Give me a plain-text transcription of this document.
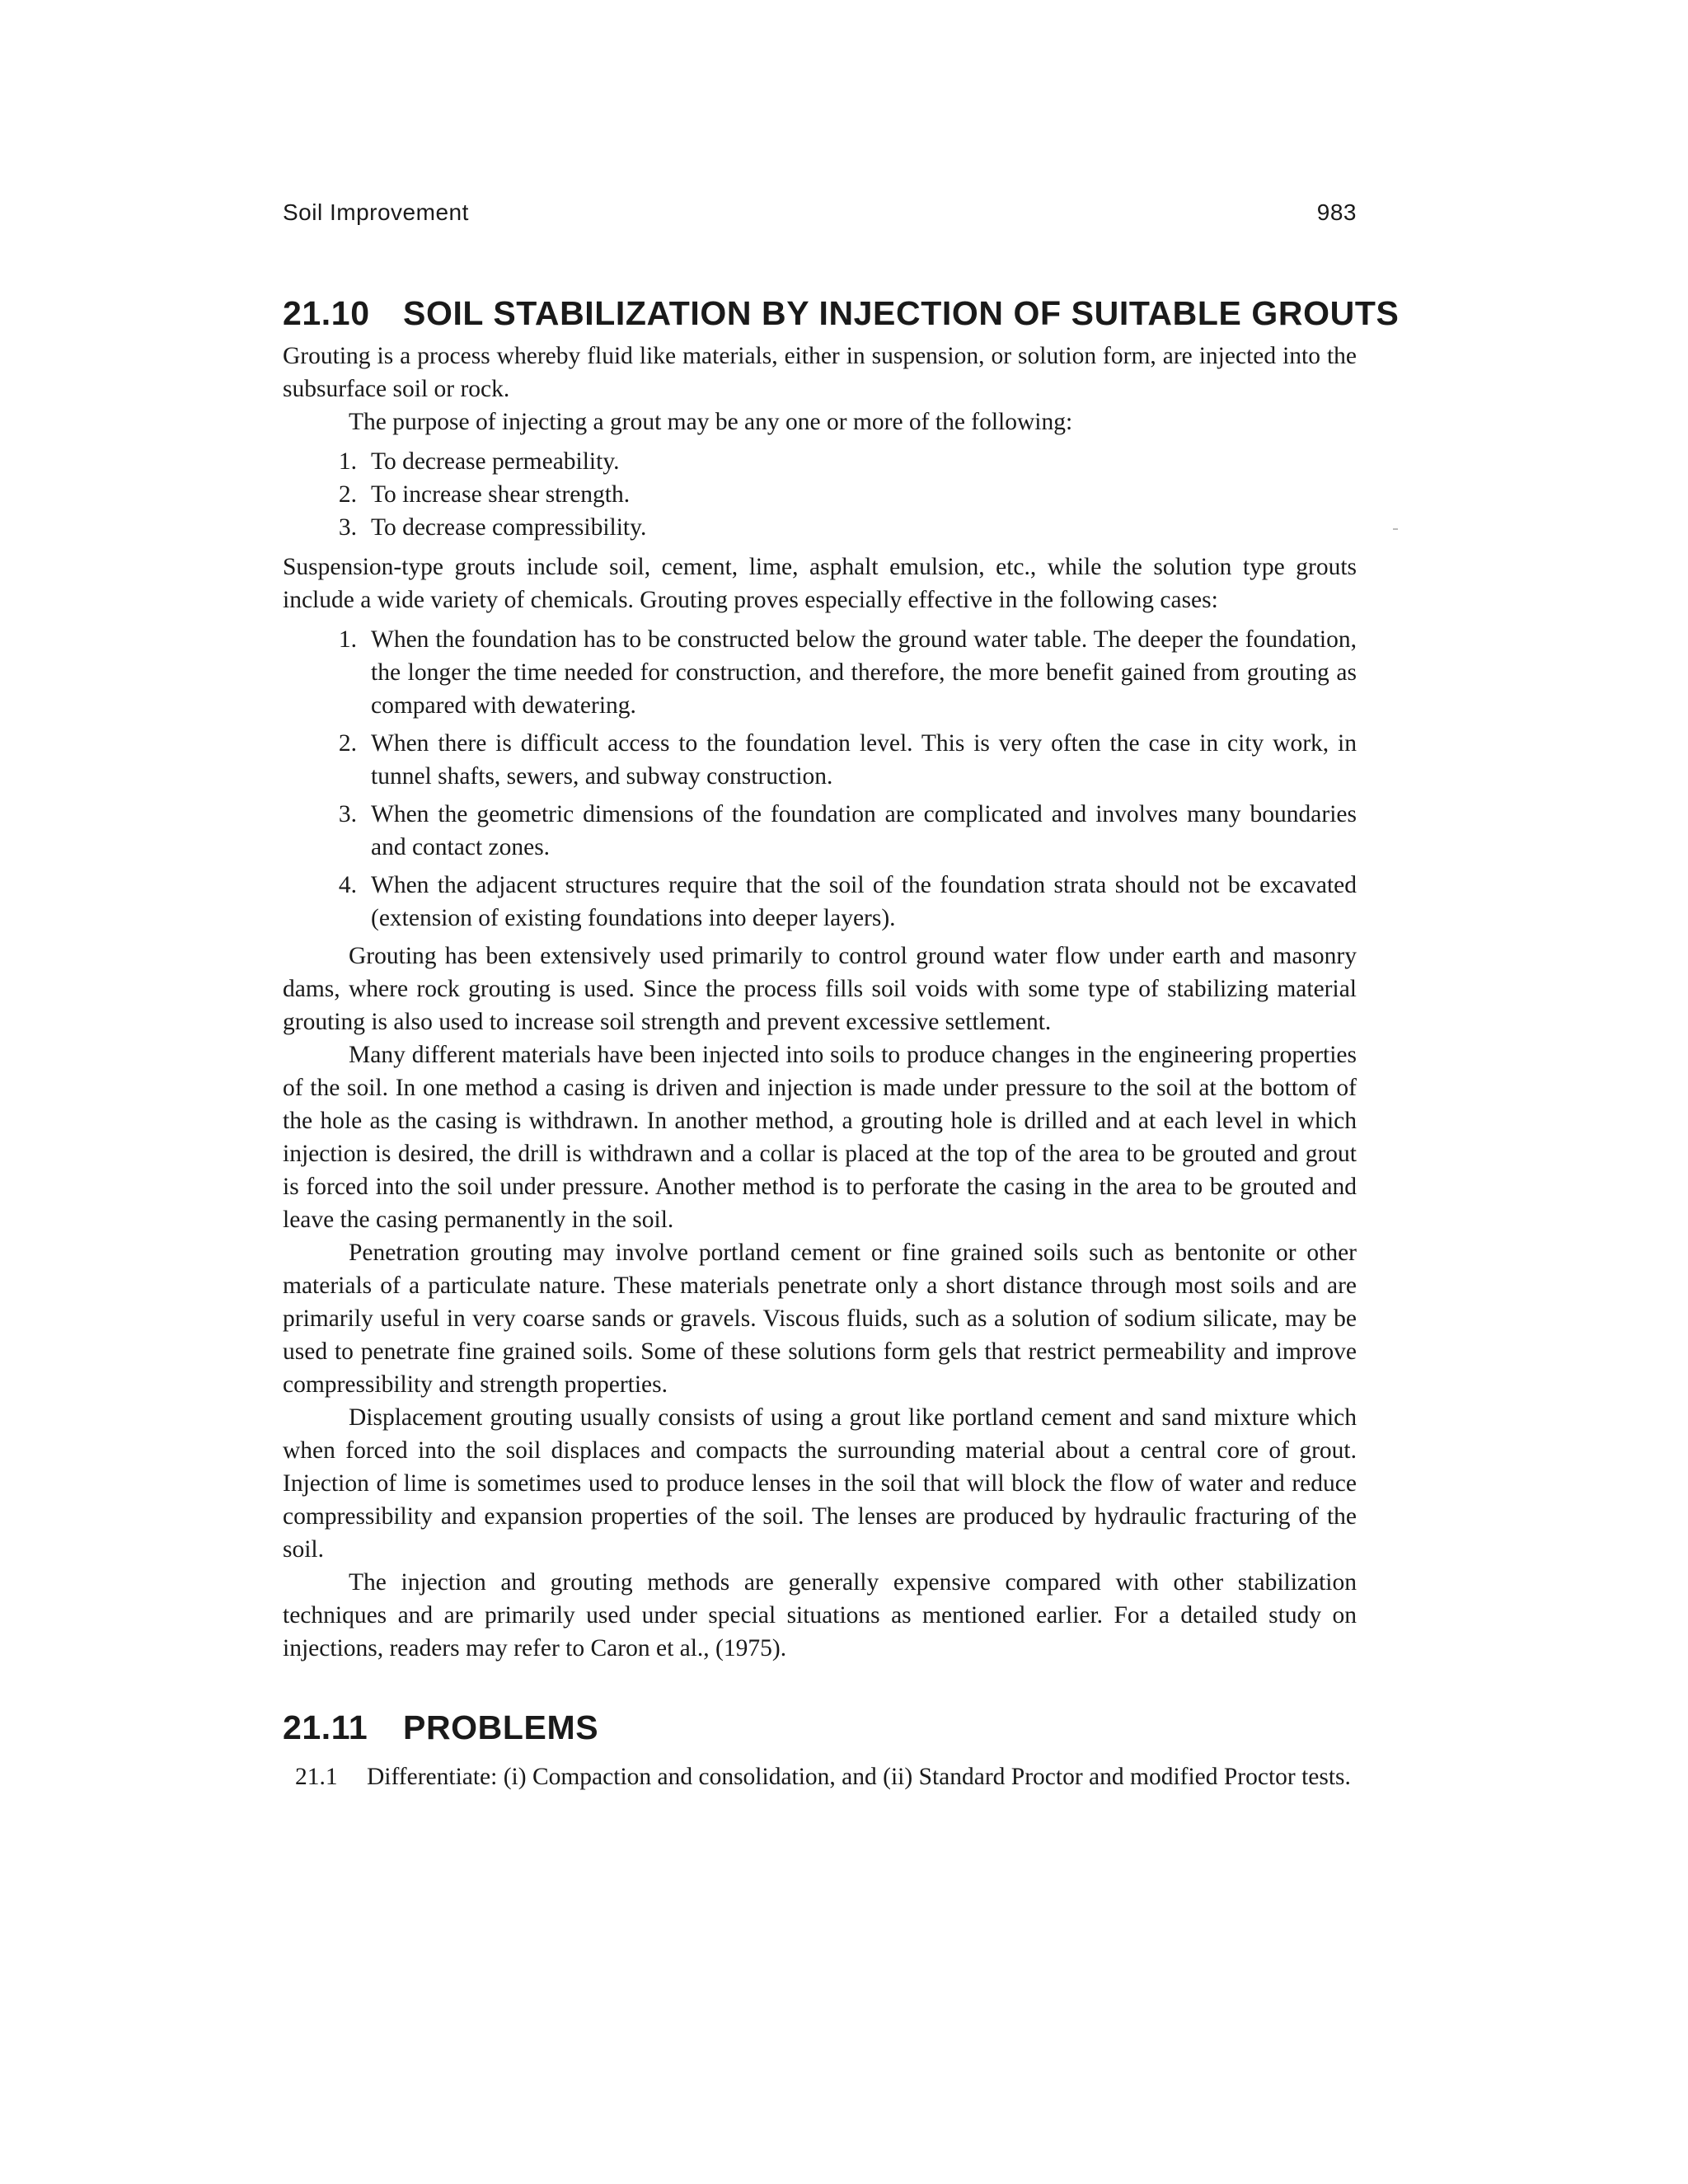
Soil Improvement	983
21.10 SOIL STABILIZATION BY INJECTION OF SUITABLE GROUTS

Grouting is a process whereby fluid like materials, either in suspension, or solution form, are injected into the subsurface soil or rock.

The purpose of injecting a grout may be any one or more of the following:

1. To decrease permeability.
2. To increase shear strength.
3. To decrease compressibility.

Suspension-type grouts include soil, cement, lime, asphalt emulsion, etc., while the solution type grouts include a wide variety of chemicals. Grouting proves especially effective in the following cases:

1. When the foundation has to be constructed below the ground water table. The deeper the foundation, the longer the time needed for construction, and therefore, the more benefit gained from grouting as compared with dewatering.
2. When there is difficult access to the foundation level. This is very often the case in city work, in tunnel shafts, sewers, and subway construction.
3. When the geometric dimensions of the foundation are complicated and involves many boundaries and contact zones.
4. When the adjacent structures require that the soil of the foundation strata should not be excavated (extension of existing foundations into deeper layers).

Grouting has been extensively used primarily to control ground water flow under earth and masonry dams, where rock grouting is used. Since the process fills soil voids with some type of stabilizing material grouting is also used to increase soil strength and prevent excessive settlement.

Many different materials have been injected into soils to produce changes in the engineering properties of the soil. In one method a casing is driven and injection is made under pressure to the soil at the bottom of the hole as the casing is withdrawn. In another method, a grouting hole is drilled and at each level in which injection is desired, the drill is withdrawn and a collar is placed at the top of the area to be grouted and grout is forced into the soil under pressure. Another method is to perforate the casing in the area to be grouted and leave the casing permanently in the soil.

Penetration grouting may involve portland cement or fine grained soils such as bentonite or other materials of a particulate nature. These materials penetrate only a short distance through most soils and are primarily useful in very coarse sands or gravels. Viscous fluids, such as a solution of sodium silicate, may be used to penetrate fine grained soils. Some of these solutions form gels that restrict permeability and improve compressibility and strength properties.

Displacement grouting usually consists of using a grout like portland cement and sand mixture which when forced into the soil displaces and compacts the surrounding material about a central core of grout. Injection of lime is sometimes used to produce lenses in the soil that will block the flow of water and reduce compressibility and expansion properties of the soil. The lenses are produced by hydraulic fracturing of the soil.

The injection and grouting methods are generally expensive compared with other stabilization techniques and are primarily used under special situations as mentioned earlier. For a detailed study on injections, readers may refer to Caron et al., (1975).

21.11 PROBLEMS
21.1 Differentiate: (i) Compaction and consolidation, and (ii) Standard Proctor and modified Proctor tests.
